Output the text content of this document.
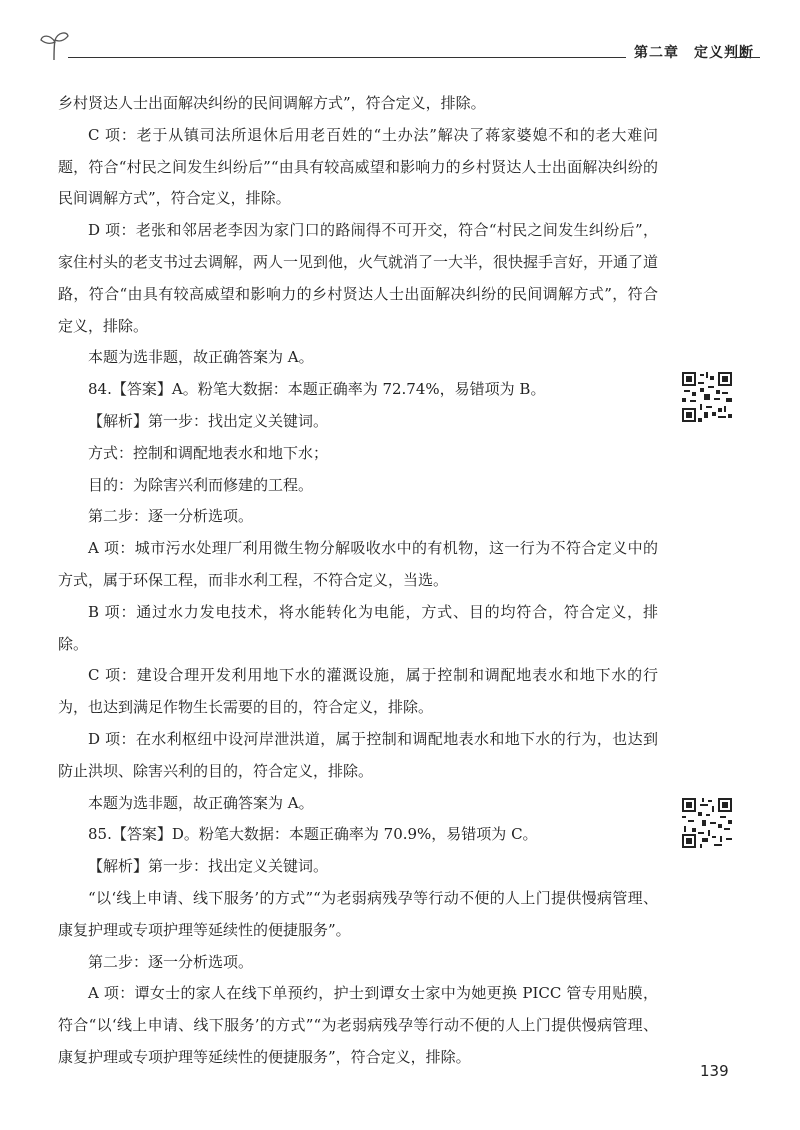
第二章　定义判断

乡村贤达人士出面解决纠纷的民间调解方式”，符合定义，排除。

C 项：老于从镇司法所退休后用老百姓的“土办法”解决了蒋家婆媳不和的老大难问题，符合“村民之间发生纠纷后”“由具有较高威望和影响力的乡村贤达人士出面解决纠纷的民间调解方式”，符合定义，排除。

D 项：老张和邻居老李因为家门口的路闹得不可开交，符合“村民之间发生纠纷后”，家住村头的老支书过去调解，两人一见到他，火气就消了一大半，很快握手言好，开通了道路，符合“由具有较高威望和影响力的乡村贤达人士出面解决纠纷的民间调解方式”，符合定义，排除。

本题为选非题，故正确答案为 A。

84.【答案】A。粉笔大数据：本题正确率为 72.74%，易错项为 B。

【解析】第一步：找出定义关键词。

方式：控制和调配地表水和地下水；

目的：为除害兴利而修建的工程。

第二步：逐一分析选项。

A 项：城市污水处理厂利用微生物分解吸收水中的有机物，这一行为不符合定义中的方式，属于环保工程，而非水利工程，不符合定义，当选。

B 项：通过水力发电技术，将水能转化为电能，方式、目的均符合，符合定义，排除。

C 项：建设合理开发利用地下水的灌溉设施，属于控制和调配地表水和地下水的行为，也达到满足作物生长需要的目的，符合定义，排除。

D 项：在水利枢纽中设河岸泄洪道，属于控制和调配地表水和地下水的行为，也达到防止洪坝、除害兴利的目的，符合定义，排除。

本题为选非题，故正确答案为 A。

85.【答案】D。粉笔大数据：本题正确率为 70.9%，易错项为 C。

【解析】第一步：找出定义关键词。

“以‘线上申请、线下服务’的方式”“为老弱病残孕等行动不便的人上门提供慢病管理、康复护理或专项护理等延续性的便捷服务”。

第二步：逐一分析选项。

A 项：谭女士的家人在线下单预约，护士到谭女士家中为她更换 PICC 管专用贴膜，符合“以‘线上申请、线下服务’的方式”“为老弱病残孕等行动不便的人上门提供慢病管理、康复护理或专项护理等延续性的便捷服务”，符合定义，排除。

139
